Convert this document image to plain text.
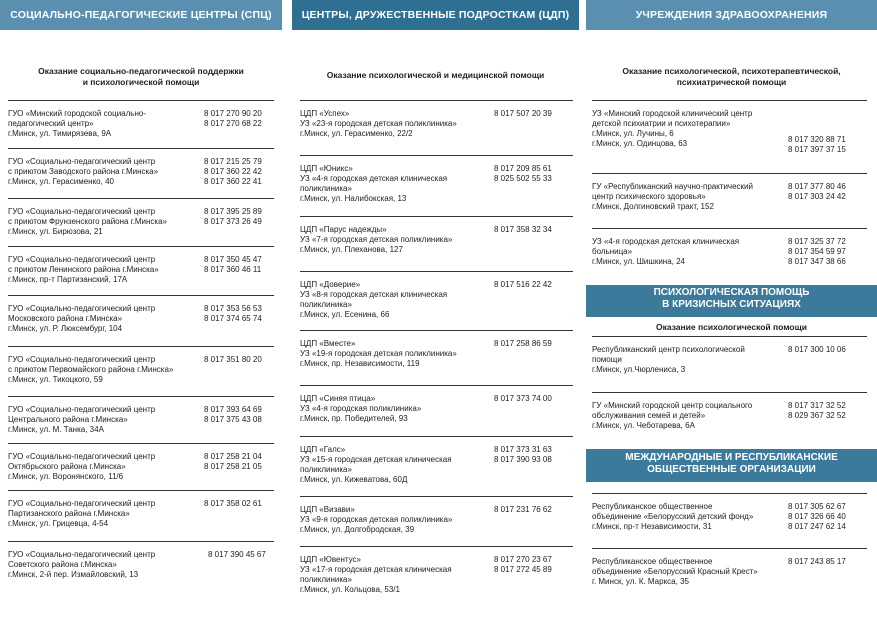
СОЦИАЛЬНО-ПЕДАГОГИЧЕСКИЕ ЦЕНТРЫ (СПЦ)
Оказание социально-педагогической поддержки
и психологической помощи
ГУО «Минский городской социально-
педагогический центр»
г.Минск, ул. Тимирязева, 9А
8 017 270 90 20
8 017 270 68 22
ГУО «Социально-педагогический центр
с приютом Заводского района г.Минска»
г.Минск, ул. Герасименко, 40
8 017 215 25 79
8 017 360 22 42
8 017 360 22 41
ГУО «Социально-педагогический центр
с приютом Фрунзенского района г.Минска»
г.Минск, ул. Бирюзова, 21
8 017 395 25 89
8 017 373 26 49
ГУО «Социально-педагогический центр
с приютом Ленинского района г.Минска»
г.Минск, пр-т Партизанский, 17А
8 017 350 45 47
8 017 360 46 11
ГУО «Социально-педагогический центр
Московского района г.Минска»
г.Минск, ул. Р. Люксембург, 104
8 017 353 56 53
8 017 374 65 74
ГУО «Социально-педагогический центр
с приютом Первомайского района г.Минска»
г.Минск, ул. Тикоцкого, 59
8 017 351 80 20
ГУО «Социально-педагогический центр
Центрального района г.Минска»
г.Минск, ул. М. Танка, 34А
8 017 393 64 69
8 017 375 43 08
ГУО «Социально-педагогический центр
Октябрьского района г.Минска»
г.Минск, ул. Воронянского, 11/6
8 017 258 21 04
8 017 258 21 05
ГУО «Социально-педагогический центр
Партизанского района г.Минска»
г.Минск, ул. Грицевца, 4-54
8 017 358 02 61
ГУО «Социально-педагогический центр
Советского района г.Минска»
г.Минск, 2-й пер. Измайловский, 13
8 017 390 45 67
ЦЕНТРЫ, ДРУЖЕСТВЕННЫЕ ПОДРОСТКАМ (ЦДП)
Оказание психологической и медицинской помощи
ЦДП «Успех»
УЗ «23-я городская детская поликлиника»
г.Минск, ул. Герасименко, 22/2
8 017 507 20 39
ЦДП «Юникс»
УЗ «4-я городская детская клиническая
поликлиника»
г.Минск, ул. Налибокская, 13
8 017 209 85 61
8 025 502 55 33
ЦДП «Парус надежды»
УЗ «7-я городская детская поликлиника»
г.Минск, ул. Плеханова, 127
8 017 358 32 34
ЦДП «Доверие»
УЗ «8-я городская детская клиническая
поликлиника»
г.Минск, ул. Есенина, 66
8 017 516 22 42
ЦДП «Вместе»
УЗ «19-я городская детская поликлиника»
г.Минск, пр. Независимости, 119
8 017 258 86 59
ЦДП «Синяя птица»
УЗ «4-я городская поликлиника»
г.Минск, пр. Победителей, 93
8 017 373 74 00
ЦДП «Галс»
УЗ «15-я городская детская клиническая
поликлиника»
г.Минск, ул. Кижеватова, 60Д
8 017 373 31 63
8 017 390 93 08
ЦДП «Визави»
УЗ «9-я городская детская поликлиника»
г.Минск, ул. Долгобродская, 39
8 017 231 76 62
ЦДП «Ювентус»
УЗ «17-я городская детская клиническая
поликлиника»
г.Минск, ул. Кольцова, 53/1
8 017 270 23 67
8 017 272 45 89
УЧРЕЖДЕНИЯ ЗДРАВООХРАНЕНИЯ
Оказание психологической, психотерапевтической,
психиатрической помощи
УЗ «Минский городской клинический центр
детской психиатрии и психотерапии»
г.Минск, ул. Лучины, 6
г.Минск, ул. Одинцова, 63	8 017 320 88 71
8 017 397 37 15
ГУ «Республиканский научно-практический
центр психического здоровья»
г.Минск, Долгиновский тракт, 152
8 017 377 80 46
8 017 303 24 42
УЗ «4-я городская детская клиническая
больница»
г.Минск, ул. Шишкина, 24
8 017 325 37 72
8 017 354 59 97
8 017 347 38 66
ПСИХОЛОГИЧЕСКАЯ ПОМОЩЬ
В КРИЗИСНЫХ СИТУАЦИЯХ
Оказание психологической помощи
Республиканский центр психологической
помощи
г.Минск, ул.Чюрлениса, 3
8 017 300 10 06
ГУ «Минский городской центр социального
обслуживания семей и детей»
г.Минск, ул. Чеботарева, 6А
8 017 317 32 52
8 029 367 32 52
МЕЖДУНАРОДНЫЕ И РЕСПУБЛИКАНСКИЕ
ОБЩЕСТВЕННЫЕ ОРГАНИЗАЦИИ
Республиканское общественное
объединение «Белорусский детский фонд»
г.Минск, пр-т Независимости, 31
8 017 305 62 67
8 017 326 66 40
8 017 247 62 14
Республиканское общественное
объединение «Белорусский Красный Крест»
г. Минск, ул. К. Маркса, 35
8 017 243 85 17
